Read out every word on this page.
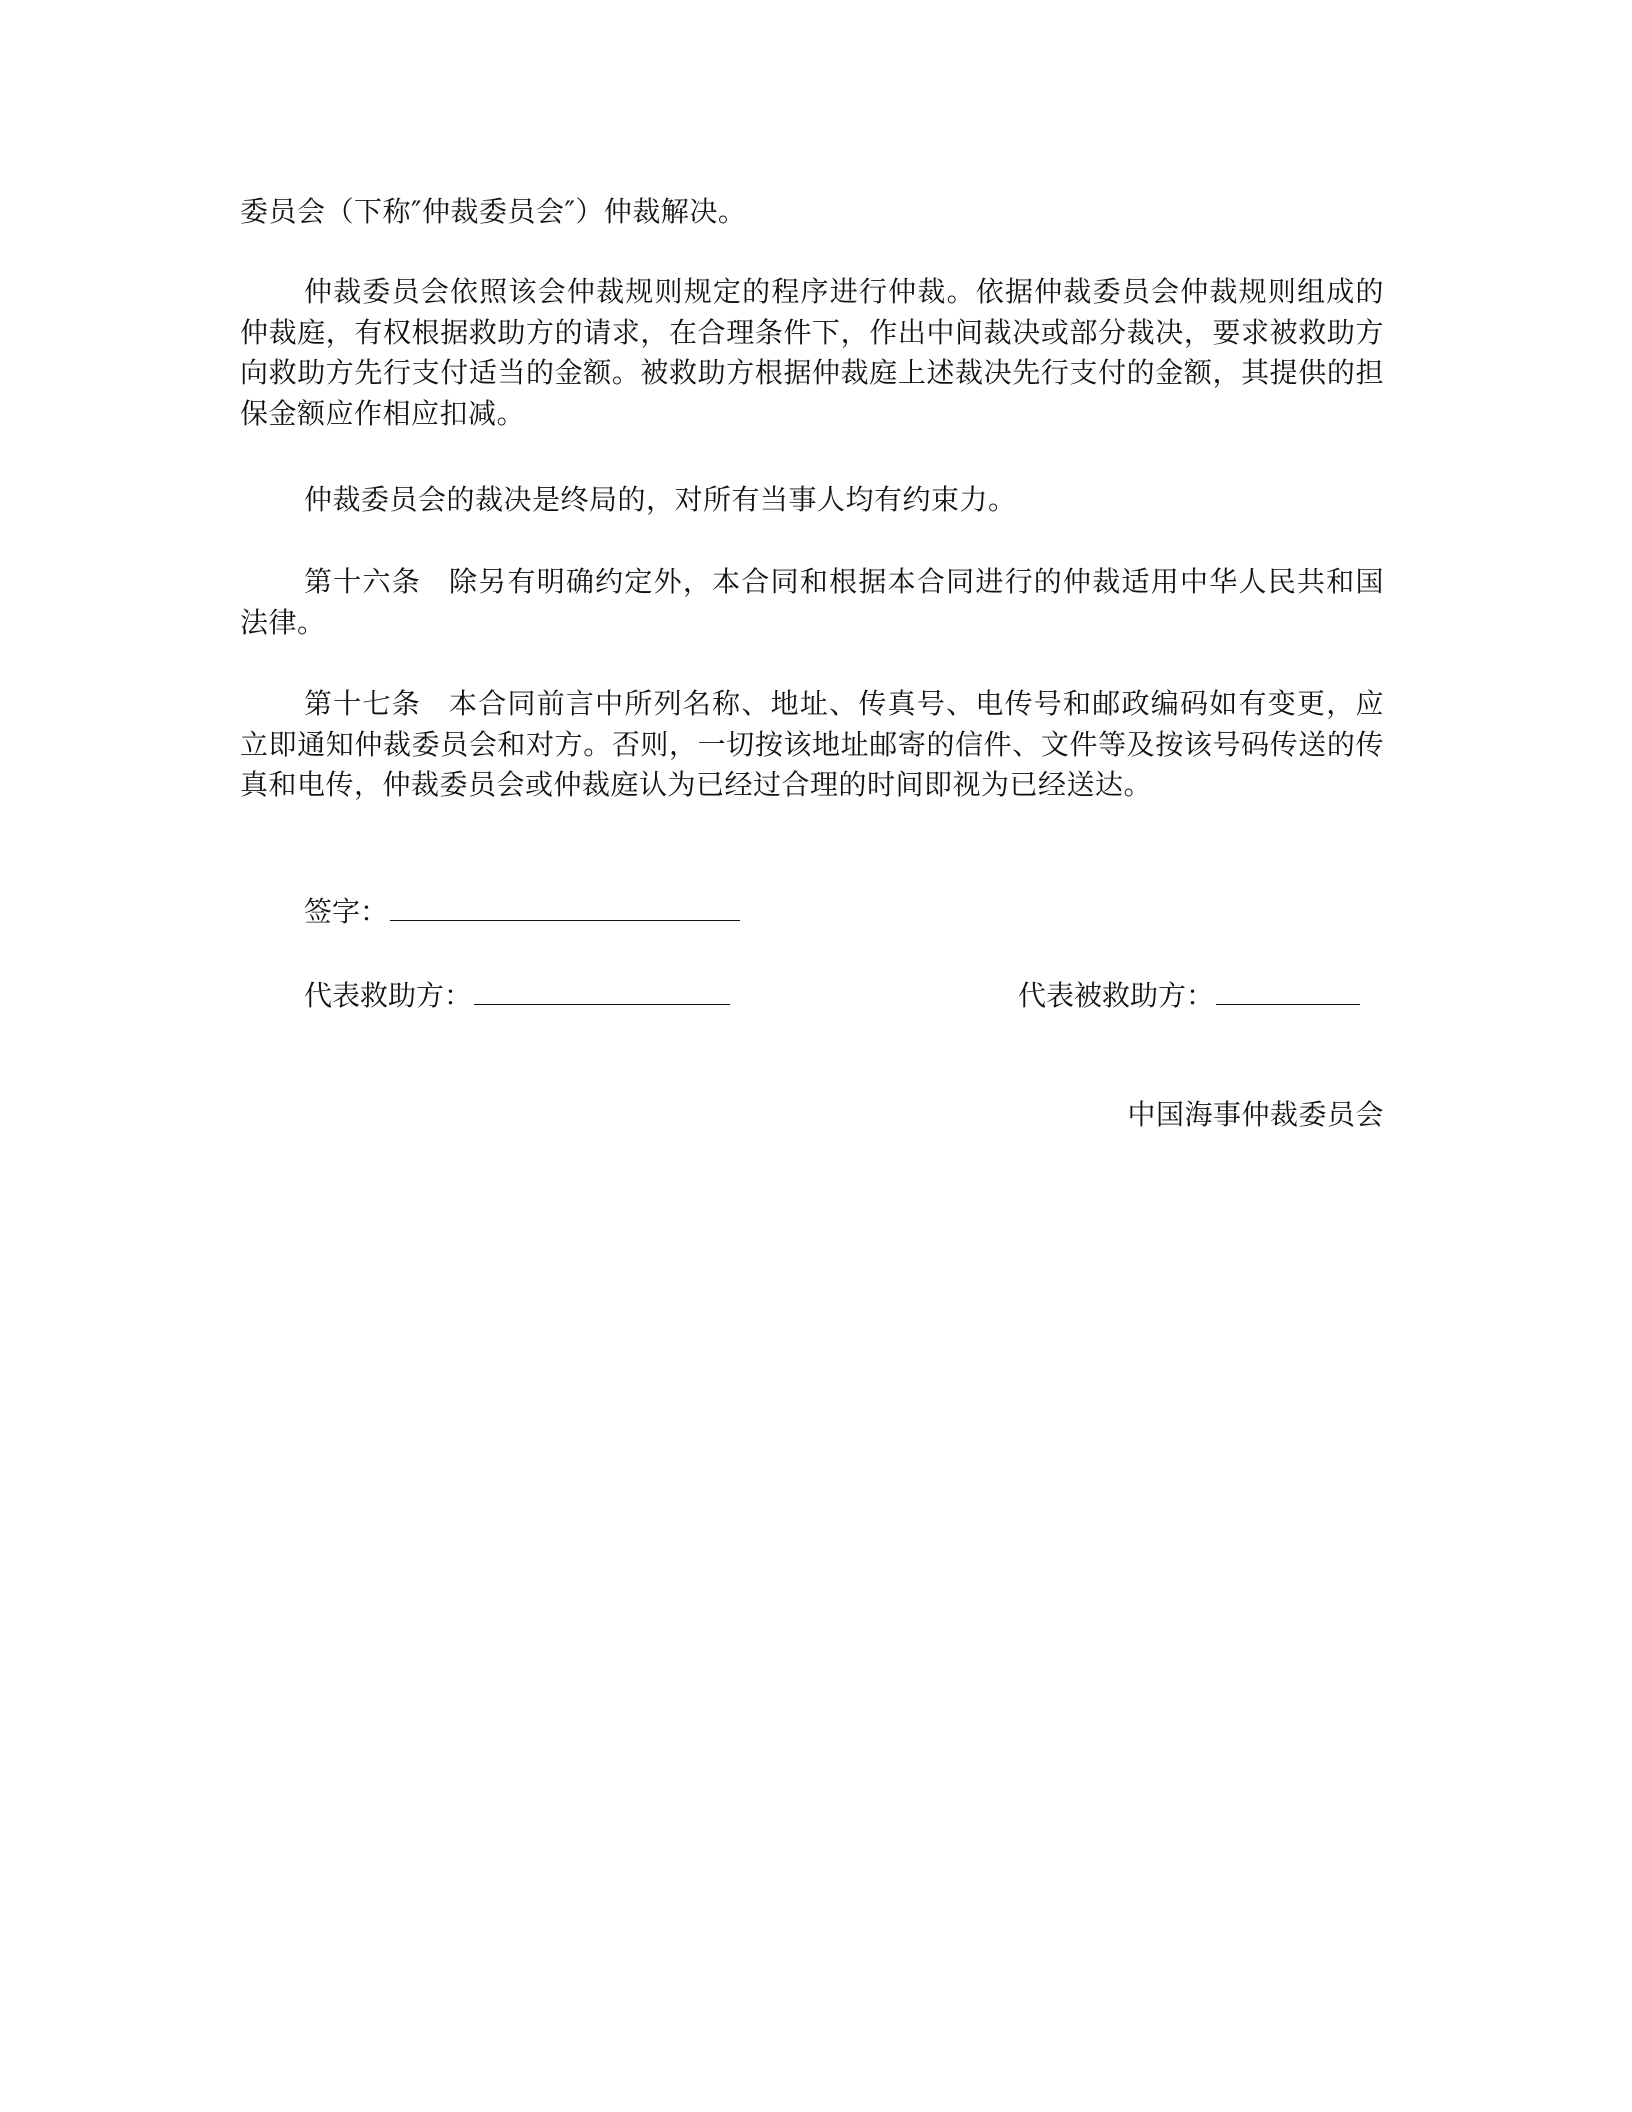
委员会（下称″仲裁委员会″）仲裁解决。

仲裁委员会依照该会仲裁规则规定的程序进行仲裁。依据仲裁委员会仲裁规则组成的仲裁庭，有权根据救助方的请求，在合理条件下，作出中间裁决或部分裁决，要求被救助方向救助方先行支付适当的金额。被救助方根据仲裁庭上述裁决先行支付的金额，其提供的担保金额应作相应扣减。

仲裁委员会的裁决是终局的，对所有当事人均有约束力。

第十六条 除另有明确约定外，本合同和根据本合同进行的仲裁适用中华人民共和国法律。

第十七条 本合同前言中所列名称、地址、传真号、电传号和邮政编码如有变更，应立即通知仲裁委员会和对方。否则，一切按该地址邮寄的信件、文件等及按该号码传送的传真和电传，仲裁委员会或仲裁庭认为已经过合理的时间即视为已经送达。

签字：
代表救助方：	代表被救助方：
中国海事仲裁委员会
